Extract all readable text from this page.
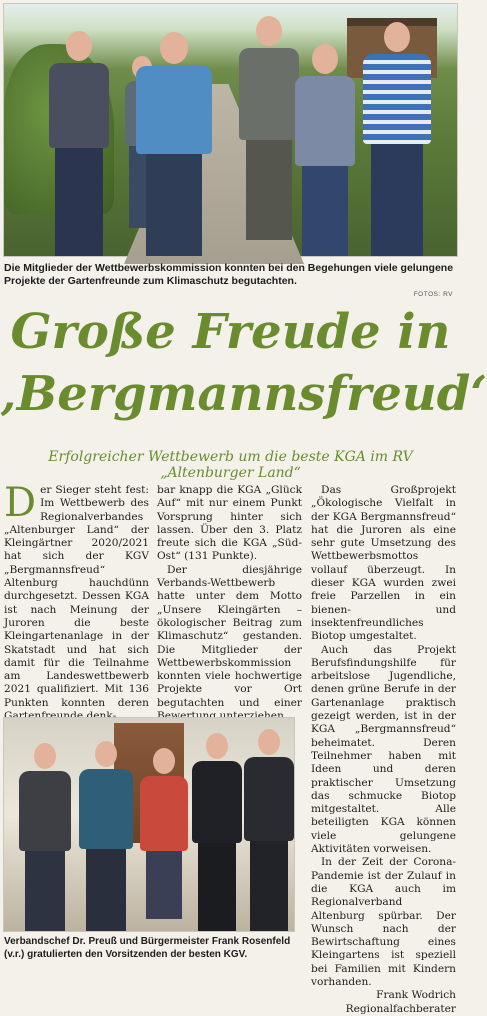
Die Mitglieder der Wettbewerbskommission konnten bei den Begehungen viele gelungene Projekte der Gartenfreunde zum Klimaschutz begutachten.
FOTOS: RV
Große Freude in
‚Bergmannsfreud‘
Erfolgreicher Wettbewerb um die beste KGA im RV „Altenburger Land“

Der Sieger steht fest: Im Wettbewerb des Regionalverbandes „Altenburger Land“ der Kleingärtner 2020/2021 hat sich der KGV „Bergmannsfreud“ Altenburg hauchdünn durchgesetzt. Dessen KGA ist nach Meinung der Juroren die beste Kleingartenanlage in der Skatstadt und hat sich damit für die Teilnahme am Landeswettbewerb 2021 qualifiziert. Mit 136 Punkten konnten deren

bar knapp die KGA „Glück Auf“ mit nur einem Punkt Vorsprung hinter sich lassen. Über den 3. Platz freute sich die KGA „Süd-Ost“ (131 Punkte).

Der diesjährige Verbands-Wettbewerb hatte unter dem Motto „Unsere Kleingärten – ökologischer Beitrag zum Klimaschutz“ gestanden. Die Mitglieder der Wettbewerbskommission konnten viele hochwertige Projekte vor Ort begutachten und einer

Das Großprojekt „Ökologische Vielfalt in der KGA Bergmannsfreud“ hat die Juroren als eine sehr gute Umsetzung des Wettbewerbsmottos vollauf überzeugt. In dieser KGA wurden zwei freie Parzellen in ein bienen- und insektenfreundliches Biotop umgestaltet.

Auch das Projekt Berufsfindungshilfe für arbeitslose Jugendliche, denen grüne Berufe in der Gartenanlage praktisch gezeigt werden, ist in der KGA „Bergmannsfreud“ beheimatet. Deren Teilnehmer haben mit Ideen und deren praktischer Umsetzung das schmucke Biotop mitgestaltet. Alle beteiligten KGA können viele gelungene Aktivitäten vorweisen.

In der Zeit der Corona-Pandemie ist der Zulauf in die KGA auch im Regionalverband Altenburg spürbar. Der Wunsch nach der Bewirtschaftung eines Kleingartens ist speziell bei Familien mit Kindern vorhanden.

Frank Wodrich
Regionalfachberater
Verbandschef Dr. Preuß und Bürgermeister Frank Rosenfeld (v.r.) gratulierten den Vorsitzenden der besten KGV.
